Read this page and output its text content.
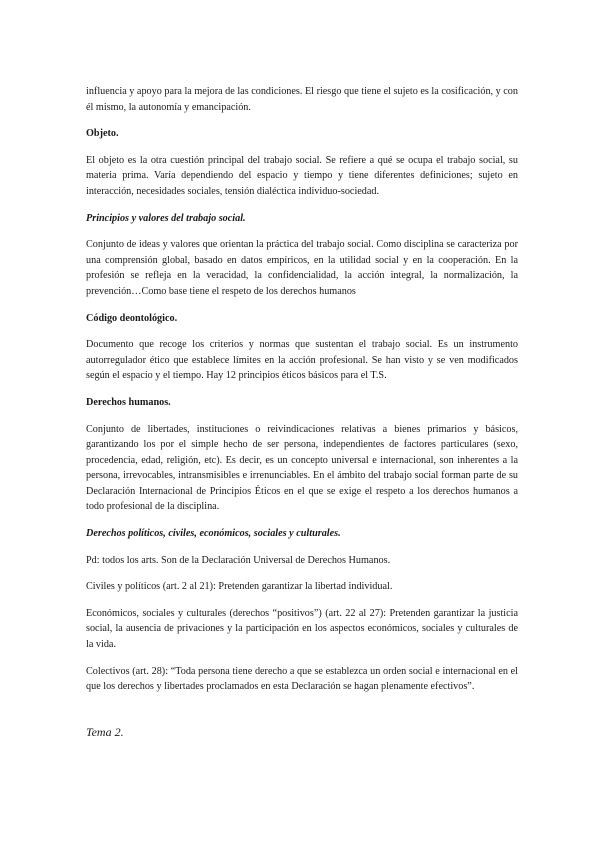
influencia y apoyo para la mejora de las condiciones. El riesgo que tiene el sujeto es la cosificación, y con él mismo, la autonomía y emancipación.

Objeto.

El objeto es la otra cuestión principal del trabajo social. Se refiere a qué se ocupa el trabajo social, su materia prima. Varía dependiendo del espacio y tiempo y tiene diferentes definiciones; sujeto en interacción, necesidades sociales, tensión dialéctica individuo-sociedad.

Principios y valores del trabajo social.

Conjunto de ideas y valores que orientan la práctica del trabajo social. Como disciplina se caracteriza por una comprensión global, basado en datos empíricos, en la utilidad social y en la cooperación. En la profesión se refleja en la veracidad, la confidencialidad, la acción integral, la normalización, la prevención…Como base tiene el respeto de los derechos humanos

Código deontológico.

Documento que recoge los criterios y normas que sustentan el trabajo social. Es un instrumento autorregulador ético que establece límites en la acción profesional. Se han visto y se ven modificados según el espacio y el tiempo. Hay 12 principios éticos básicos para el T.S.

Derechos humanos.

Conjunto de libertades, instituciones o reivindicaciones relativas a bienes primarios y básicos, garantizando los por el simple hecho de ser persona, independientes de factores particulares (sexo, procedencia, edad, religión, etc). Es decir, es un concepto universal e internacional, son inherentes a la persona, irrevocables, intransmisibles e irrenunciables. En el ámbito del trabajo social forman parte de su Declaración Internacional de Principios Éticos en el que se exige el respeto a los derechos humanos a todo profesional de la disciplina.

Derechos políticos, civiles, económicos, sociales y culturales.

Pd: todos los arts. Son de la Declaración Universal de Derechos Humanos.

Civiles y políticos (art. 2 al 21): Pretenden garantizar la libertad individual.

Económicos, sociales y culturales (derechos “positivos”) (art. 22 al 27): Pretenden garantizar la justicia social, la ausencia de privaciones y la participación en los aspectos económicos, sociales y culturales de la vida.

Colectivos (art. 28): “Toda persona tiene derecho a que se establezca un orden social e internacional en el que los derechos y libertades proclamados en esta Declaración se hagan plenamente efectivos”.

Tema 2.
